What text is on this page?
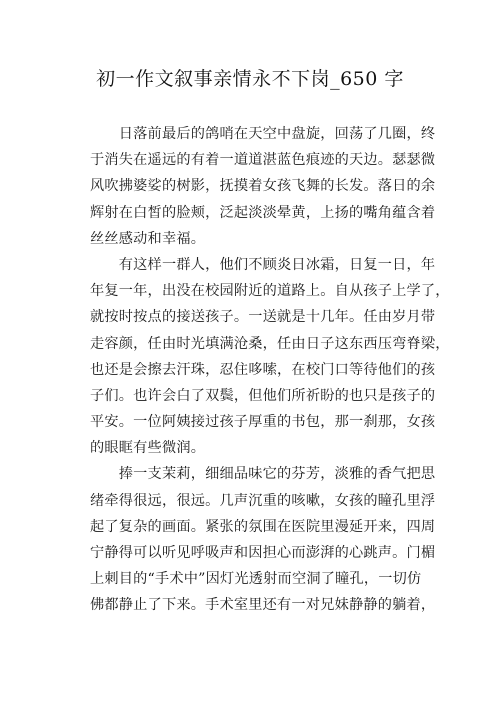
初一作文叙事亲情永不下岗_650 字
　　日落前最后的鸽哨在天空中盘旋，回荡了几圈，终
于消失在遥远的有着一道道湛蓝色痕迹的天边。瑟瑟微
风吹拂婆娑的树影，抚摸着女孩飞舞的长发。落日的余
辉射在白皙的脸颊，泛起淡淡晕黄，上扬的嘴角蕴含着
丝丝感动和幸福。
　　有这样一群人，他们不顾炎日冰霜，日复一日，年
年复一年，出没在校园附近的道路上。自从孩子上学了，
就按时按点的接送孩子。一送就是十几年。任由岁月带
走容颜，任由时光填满沧桑，任由日子这东西压弯脊梁，
也还是会擦去汗珠，忍住哆嗦，在校门口等待他们的孩
子们。也许会白了双鬓，但他们所祈盼的也只是孩子的
平安。一位阿姨接过孩子厚重的书包，那一刹那，女孩
的眼眶有些微润。
　　捧一支茉莉，细细品味它的芬芳，淡雅的香气把思
绪牵得很远，很远。几声沉重的咳嗽，女孩的瞳孔里浮
起了复杂的画面。紧张的氛围在医院里漫延开来，四周
宁静得可以听见呼吸声和因担心而澎湃的心跳声。门楣
上刺目的“手术中”因灯光透射而空洞了瞳孔，一切仿
佛都静止了下来。手术室里还有一对兄妹静静的躺着，
